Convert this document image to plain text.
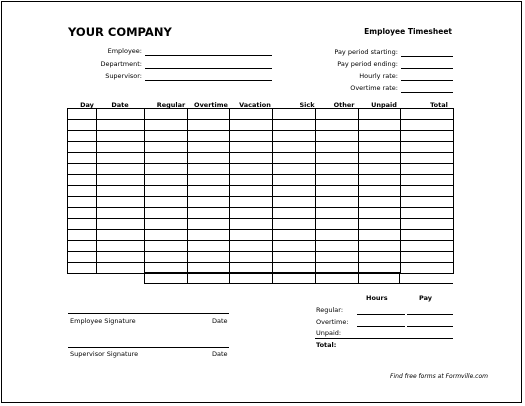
YOUR COMPANY	Employee Timesheet
Employee:
Department:
Supervisor:
Pay period starting:
Pay period ending:
Hourly rate:
Overtime rate:
Day	Date	Regular	Overtime	Vacation	Sick	Other	Unpaid	Total

Hours	Pay
Regular:
Overtime:
Unpaid:
Total:
Employee Signature	Date
Supervisor Signature	Date
Find free forms at Formville.com
